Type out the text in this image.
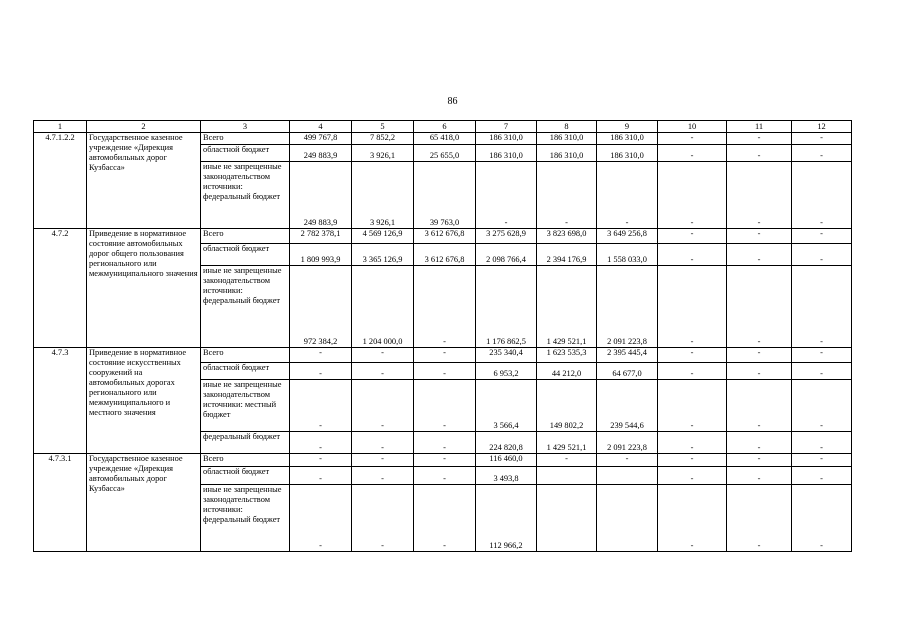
86
1	2	3	4	5	6	7	8	9	10	11	12
4.7.1.2.2	Государственное казенное учреждение «Дирекция автомобильных дорог Кузбасса»	Всего	499 767,8	7 852,2	65 418,0	186 310,0	186 310,0	186 310,0	-	-	-
		областной бюджет	249 883,9	3 926,1	25 655,0	186 310,0	186 310,0	186 310,0	-	-	-
		иные не запрещенные законодательством источники: федеральный бюджет	249 883,9	3 926,1	39 763,0	-	-	-	-	-	-
4.7.2	Приведение в нормативное состояние автомобильных дорог общего пользования регионального или межмуниципального значения	Всего	2 782 378,1	4 569 126,9	3 612 676,8	3 275 628,9	3 823 698,0	3 649 256,8	-	-	-
		областной бюджет	1 809 993,9	3 365 126,9	3 612 676,8	2 098 766,4	2 394 176,9	1 558 033,0	-	-	-
		иные не запрещенные законодательством источники: федеральный бюджет	972 384,2	1 204 000,0	-	1 176 862,5	1 429 521,1	2 091 223,8	-	-	-
4.7.3	Приведение в нормативное состояние искусственных сооружений на автомобильных дорогах регионального или межмуниципального и местного значения	Всего	-	-	-	235 340,4	1 623 535,3	2 395 445,4	-	-	-
		областной бюджет	-	-	-	6 953,2	44 212,0	64 677,0	-	-	-
		иные не запрещенные законодательством источники: местный бюджет	-	-	-	3 566,4	149 802,2	239 544,6	-	-	-
		федеральный бюджет	-	-	-	224 820,8	1 429 521,1	2 091 223,8	-	-	-
4.7.3.1	Государственное казенное учреждение «Дирекция автомобильных дорог Кузбасса»	Всего	-	-	-	116 460,0	-	-	-	-	-
		областной бюджет	-	-	-	3 493,8			-	-	-
		иные не запрещенные законодательством источники: федеральный бюджет	-	-	-	112 966,2			-	-	-
